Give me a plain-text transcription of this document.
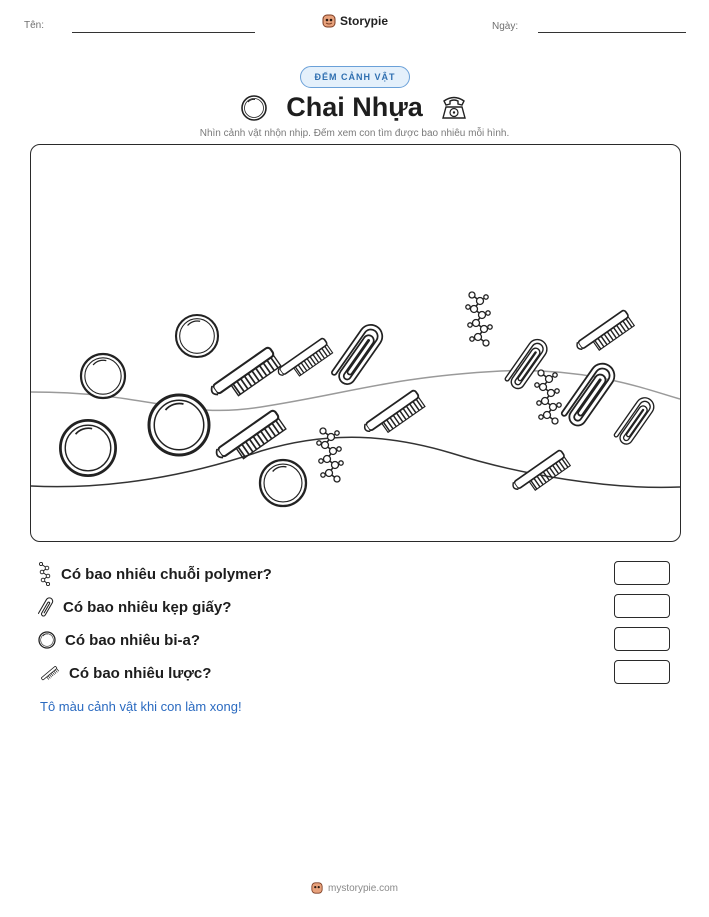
Tên:	Storypie	Ngày:
ĐẾM CẢNH VẬT
Chai Nhựa
Nhìn cảnh vật nhộn nhịp. Đếm xem con tìm được bao nhiêu mỗi hình.
Có bao nhiêu chuỗi polymer?
Có bao nhiêu kẹp giấy?
Có bao nhiêu bi-a?
Có bao nhiêu lược?
Tô màu cảnh vật khi con làm xong!
mystorypie.com
